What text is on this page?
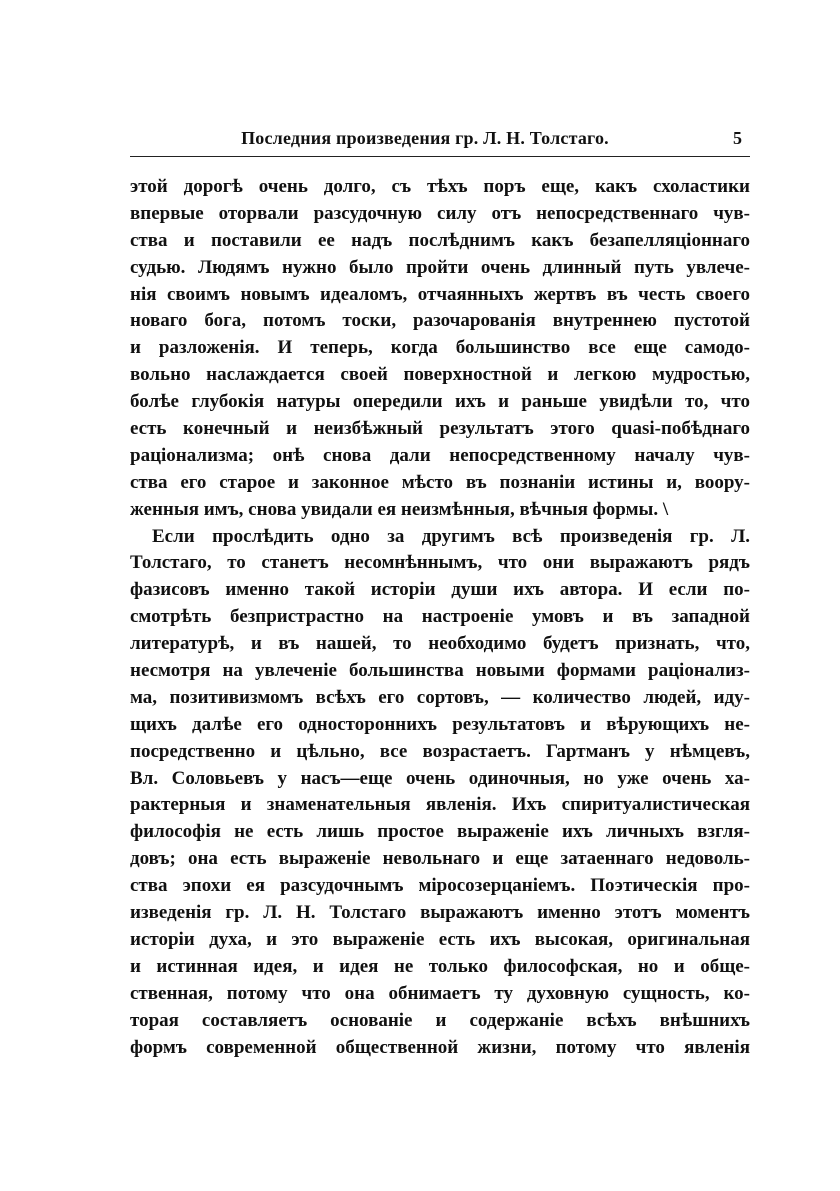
Последния произведения гр. Л. Н. Толстаго.	5
этой дорогѣ очень долго, съ тѣхъ поръ еще, какъ схоластики
впервые оторвали разсудочную силу отъ непосредственнаго чув-
ства и поставили ее надъ послѣднимъ какъ безапелляціоннаго
судью. Людямъ нужно было пройти очень длинный путь увлече-
нія своимъ новымъ идеаломъ, отчаянныхъ жертвъ въ честь своего
новаго бога, потомъ тоски, разочарованія внутреннею пустотой
и разложенія. И теперь, когда большинство все еще самодо-
вольно наслаждается своей поверхностной и легкою мудростью,
болѣе глубокія натуры опередили ихъ и раньше увидѣли то, что
есть конечный и неизбѣжный результатъ этого quasi-побѣднаго
раціонализма; онѣ снова дали непосредственному началу чув-
ства его старое и законное мѣсто въ познаніи истины и, воору-
женныя имъ, снова увидали ея неизмѣнныя, вѣчныя формы. \
Если прослѣдить одно за другимъ всѣ произведенія гр. Л.
Толстаго, то станетъ несомнѣннымъ, что они выражаютъ рядъ
фазисовъ именно такой исторіи души ихъ автора. И если по-
смотрѣть безпристрастно на настроеніе умовъ и въ западной
литературѣ, и въ нашей, то необходимо будетъ признать, что,
несмотря на увлеченіе большинства новыми формами раціонализ-
ма, позитивизмомъ всѣхъ его сортовъ, — количество людей, иду-
щихъ далѣе его одностороннихъ результатовъ и вѣрующихъ не-
посредственно и цѣльно, все возрастаетъ. Гартманъ у нѣмцевъ,
Вл. Соловьевъ у насъ—еще очень одиночныя, но уже очень ха-
рактерныя и знаменательныя явленія. Ихъ спиритуалистическая
философія не есть лишь простое выраженіе ихъ личныхъ взгля-
довъ; она есть выраженіе невольнаго и еще затаеннаго недоволь-
ства эпохи ея разсудочнымъ міросозерцаніемъ. Поэтическія про-
изведенія гр. Л. Н. Толстаго выражаютъ именно этотъ моментъ
исторіи духа, и это выраженіе есть ихъ высокая, оригинальная
и истинная идея, и идея не только философская, но и обще-
ственная, потому что она обнимаетъ ту духовную сущность, ко-
торая составляетъ основаніе и содержаніе всѣхъ внѣшнихъ
формъ современной общественной жизни, потому что явленія
